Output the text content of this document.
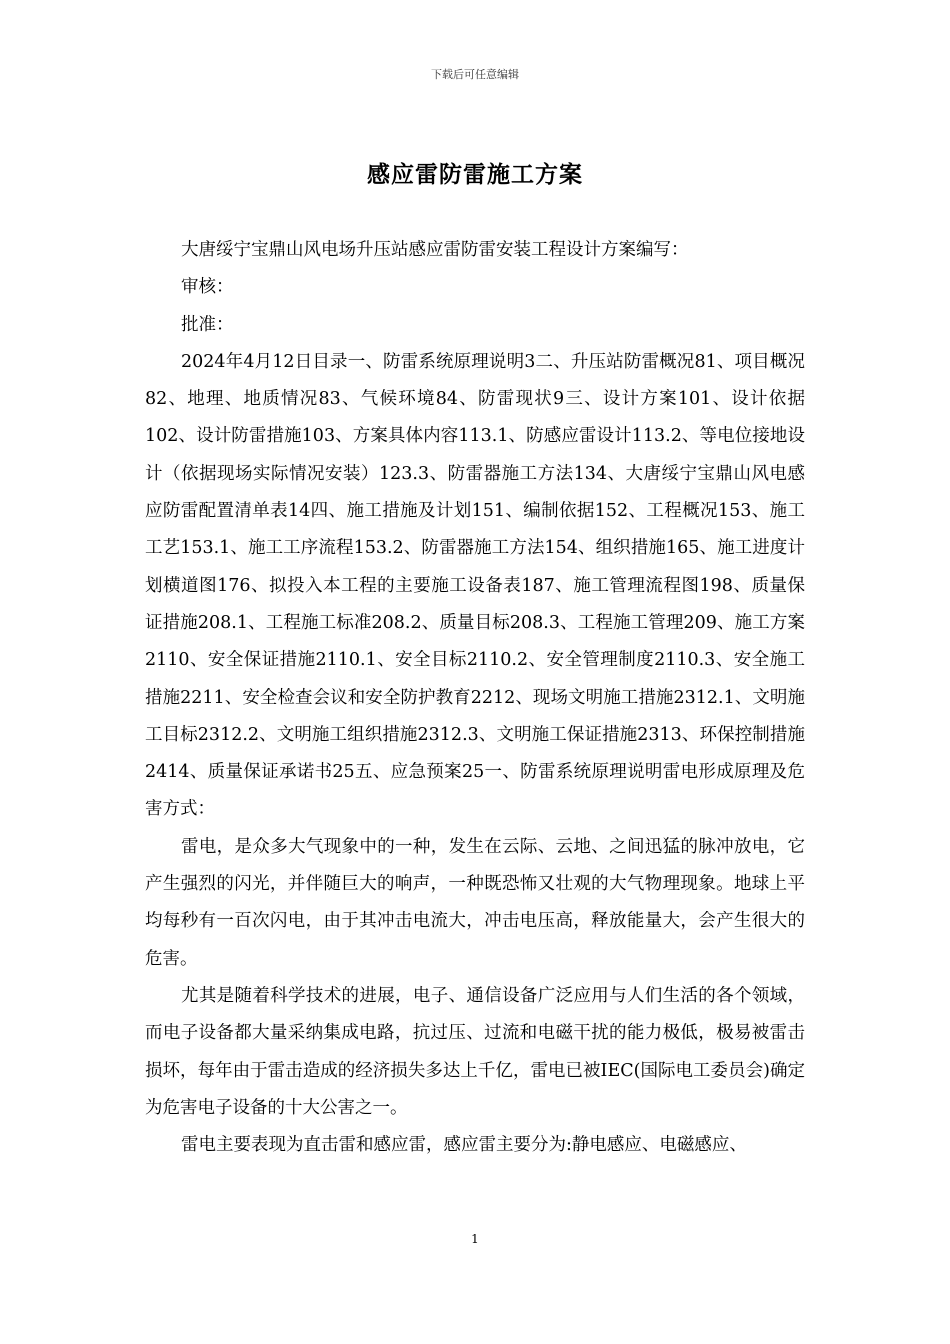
下载后可任意编辑
感应雷防雷施工方案

大唐绥宁宝鼎山风电场升压站感应雷防雷安装工程设计方案编写：

审核：

批准：

2024年4月12日目录一、防雷系统原理说明3二、升压站防雷概况81、项目概况82、地理、地质情况83、气候环境84、防雷现状9三、设计方案101、设计依据102、设计防雷措施103、方案具体内容113.1、防感应雷设计113.2、等电位接地设计（依据现场实际情况安装）123.3、防雷器施工方法134、大唐绥宁宝鼎山风电感应防雷配置清单表14四、施工措施及计划151、编制依据152、工程概况153、施工工艺153.1、施工工序流程153.2、防雷器施工方法154、组织措施165、施工进度计划横道图176、拟投入本工程的主要施工设备表187、施工管理流程图198、质量保证措施208.1、工程施工标准208.2、质量目标208.3、工程施工管理209、施工方案2110、安全保证措施2110.1、安全目标2110.2、安全管理制度2110.3、安全施工措施2211、安全检查会议和安全防护教育2212、现场文明施工措施2312.1、文明施工目标2312.2、文明施工组织措施2312.3、文明施工保证措施2313、环保控制措施2414、质量保证承诺书25五、应急预案25一、防雷系统原理说明雷电形成原理及危害方式：

雷电，是众多大气现象中的一种，发生在云际、云地、之间迅猛的脉冲放电，它产生强烈的闪光，并伴随巨大的响声，一种既恐怖又壮观的大气物理现象。地球上平均每秒有一百次闪电，由于其冲击电流大，冲击电压高，释放能量大，会产生很大的危害。

尤其是随着科学技术的进展，电子、通信设备广泛应用与人们生活的各个领域，而电子设备都大量采纳集成电路，抗过压、过流和电磁干扰的能力极低，极易被雷击损坏，每年由于雷击造成的经济损失多达上千亿，雷电已被IEC(国际电工委员会)确定为危害电子设备的十大公害之一。

雷电主要表现为直击雷和感应雷，感应雷主要分为:静电感应、电磁感应、

1
